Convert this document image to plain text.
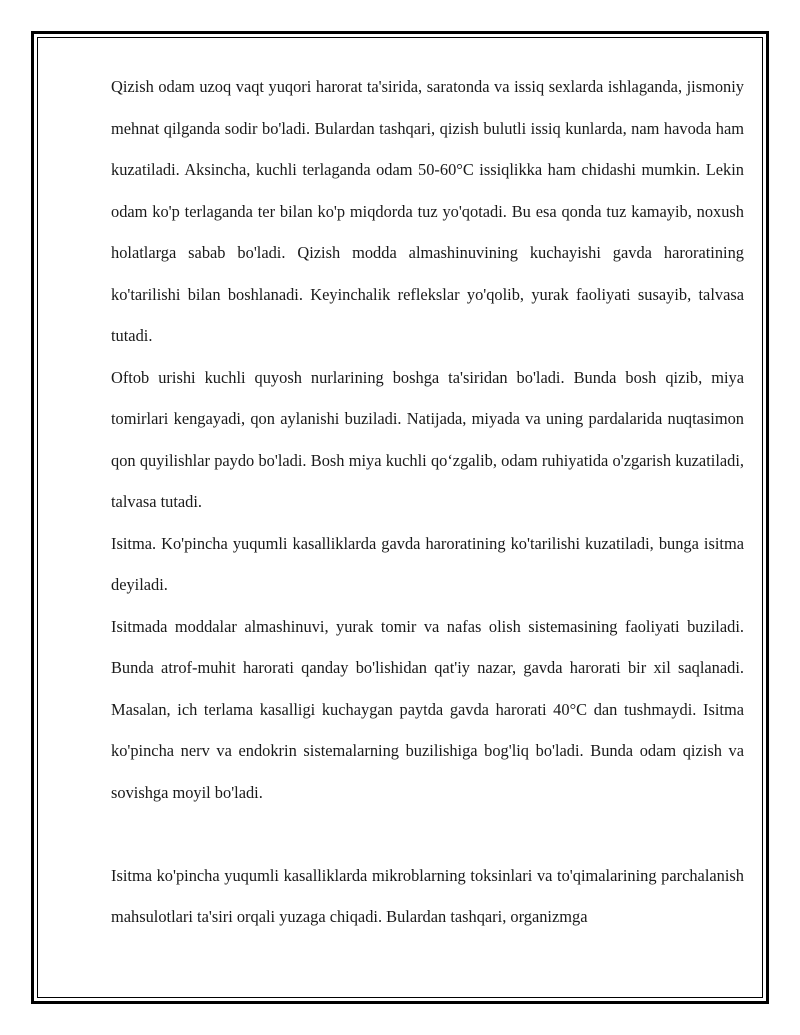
Qizish odam uzoq vaqt yuqori harorat ta'sirida, saratonda va issiq sexlarda ishlaganda, jismoniy mehnat qilganda sodir bo'ladi. Bulardan tashqari, qizish bulutli issiq kunlarda, nam havoda ham kuzatiladi. Aksincha, kuchli terlaganda odam 50-60°C issiqlikka ham chidashi mumkin. Lekin odam ko'p terlaganda ter bilan ko'p miqdorda tuz yo'qotadi. Bu esa qonda tuz kamayib, noxush holatlarga sabab bo'ladi. Qizish modda almashinuvining kuchayishi gavda haroratining ko'tarilishi bilan boshlanadi. Keyinchalik reflekslar yo'qolib, yurak faoliyati susayib, talvasa tutadi.

Oftob urishi kuchli quyosh nurlarining boshga ta'siridan bo'ladi. Bunda bosh qizib, miya tomirlari kengayadi, qon aylanishi buziladi. Natijada, miyada va uning pardalarida nuqtasimon qon quyilishlar paydo bo'ladi. Bosh miya kuchli qo‘zgalib, odam ruhiyatida o'zgarish kuzatiladi, talvasa tutadi.

Isitma. Ko'pincha yuqumli kasalliklarda gavda haroratining ko'tarilishi kuzatiladi, bunga isitma deyiladi.

Isitmada moddalar almashinuvi, yurak tomir va nafas olish sistemasining faoliyati buziladi. Bunda atrof-muhit harorati qanday bo'lishidan qat'iy nazar, gavda harorati bir xil saqlanadi. Masalan, ich terlama kasalligi kuchaygan paytda gavda harorati 40°C dan tushmaydi. Isitma ko'pincha nerv va endokrin sistemalarning buzilishiga bog'liq bo'ladi. Bunda odam qizish va sovishga moyil bo'ladi.

Isitma ko'pincha yuqumli kasalliklarda mikroblarning toksinlari va to'qimalarining parchalanish mahsulotlari ta'siri orqali yuzaga chiqadi. Bulardan tashqari, organizmga
